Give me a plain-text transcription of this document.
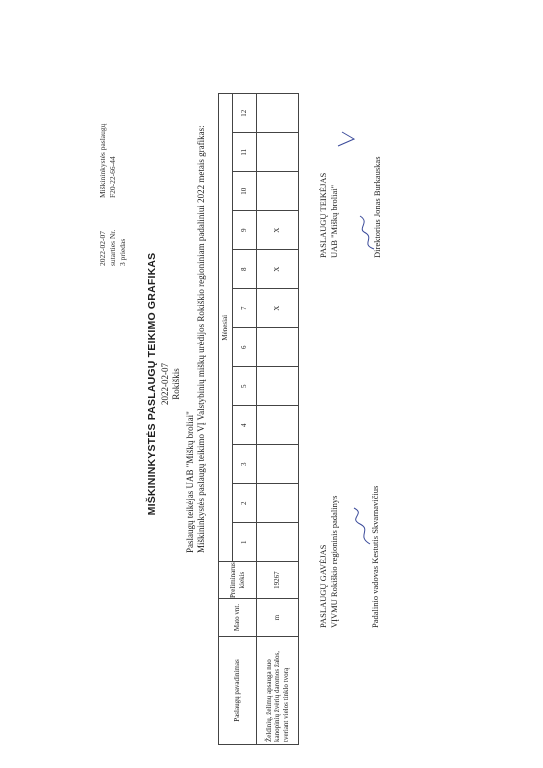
2022-02-07 sutarties Nr. 3 priedas
Miškininkystės paslaugų F20-22-66-44
MIŠKININKYSTĖS PASLAUGŲ TEIKIMO GRAFIKAS 2022-02-07 Rokiškis
Paslaugų teikėjas UAB "Miškų broliai" Miškininkystės paslaugų teikimo VĮ Valstybinių miškų urėdijos Rokiškio regioniniam padaliniui 2022 metais grafikas:
Paslaugų pavadinimas	Mato vnt.	Preliminarus kiekis	Mėnesiai											
			1	2	3	4	5	6	7	8	9	10	11	12
Želdinių, želimų apsauga nuo kanopinių žvėrių daromos žalos, tveriant vielos tinklo tvorą	m	19267							X	X	X			
PASLAUGŲ GAVĖJAS VĮVMU Rokiškio regioninis padalinys	Padalinio vadovas Kestutis Skvarnavičius
PASLAUGŲ TEIKĖJAS UAB "Miškų broliai"	Direktorius Jonas Burkauskas
